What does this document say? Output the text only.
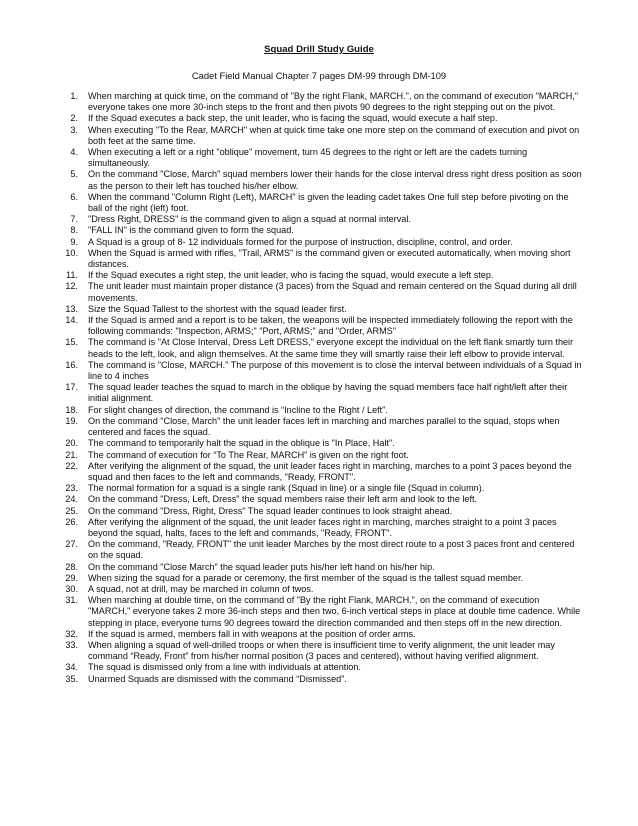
Squad Drill Study Guide
Cadet Field Manual Chapter 7 pages DM-99 through DM-109
1. When marching at quick time, on the command of "By the right Flank, MARCH.", on the command of execution "MARCH," everyone takes one more 30-inch steps to the front and then pivots 90 degrees to the right stepping out on the pivot.
2. If the Squad executes a back step, the unit leader, who is facing the squad, would execute a half step.
3. When executing "To the Rear, MARCH" when at quick time take one more step on the command of execution and pivot on both feet at the same time.
4. When executing a left or a right "oblique" movement, turn 45 degrees to the right or left are the cadets turning simultaneously.
5. On the command "Close, March" squad members lower their hands for the close interval dress right dress position as soon as the person to their left has touched his/her elbow.
6. When the command "Column Right (Left), MARCH" is given the leading cadet takes One full step before pivoting on the ball of the right (left) foot.
7. "Dress Right, DRESS" is the command given to align a squad at normal interval.
8. "FALL IN" is the command given to form the squad.
9. A Squad is a group of 8- 12 individuals formed for the purpose of instruction, discipline, control, and order.
10. When the Squad is armed with rifles, "Trail, ARMS" is the command given or executed automatically, when moving short distances.
11. If the Squad executes a right step, the unit leader, who is facing the squad, would execute a left step.
12. The unit leader must maintain proper distance (3 paces) from the Squad and remain centered on the Squad during all drill movements.
13. Size the Squad Tallest to the shortest with the squad leader first.
14. If the Squad is armed and a report is to be taken, the weapons will be inspected immediately following the report with the following commands: "Inspection, ARMS;" "Port, ARMS;" and "Order, ARMS"
15. The command is "At Close Interval, Dress Left DRESS," everyone except the individual on the left flank smartly turn their heads to the left, look, and align themselves. At the same time they will smartly raise their left elbow to provide interval.
16. The command is "Close, MARCH." The purpose of this movement is to close the interval between individuals of a Squad in line to 4 inches
17. The squad leader teaches the squad to march in the oblique by having the squad members face half right/left after their initial alignment.
18. For slight changes of direction, the command is “Incline to the Right / Left”.
19. On the command "Close, March" the unit leader faces left in marching and marches parallel to the squad, stops when centered and faces the squad.
20. The command to temporarily halt the squad in the oblique is "In Place, Halt".
21. The command of execution for “To The Rear, MARCH” is given on the right foot.
22. After verifying the alignment of the squad, the unit leader faces right in marching, marches to a point 3 paces beyond the squad and then faces to the left and commands, "Ready, FRONT".
23. The normal formation for a squad is a single rank (Squad in line) or a single file (Squad in column).
24. On the command "Dress, Left, Dress" the squad members raise their left arm and look to the left.
25. On the command "Dress, Right, Dress" The squad leader continues to look straight ahead.
26. After verifying the alignment of the squad, the unit leader faces right in marching, marches straight to a point 3 paces beyond the squad, halts, faces to the left and commands, "Ready, FRONT".
27. On the command, "Ready, FRONT" the unit leader Marches by the most direct route to a post 3 paces front and centered on the squad.
28. On the command "Close March" the squad leader puts his/her left hand on his/her hip.
29. When sizing the squad for a parade or ceremony, the first member of the squad is the tallest squad member.
30. A squad, not at drill, may be marched in column of twos.
31. When marching at double time, on the command of "By the right Flank, MARCH.", on the command of execution "MARCH," everyone takes 2 more 36-inch steps and then two, 6-inch vertical steps in place at double time cadence. While stepping in place, everyone turns 90 degrees toward the direction commanded and then steps off in the new direction.
32. If the squad is armed, members fall in with weapons at the position of order arms.
33. When aligning a squad of well-drilled troops or when there is insufficient time to verify alignment, the unit leader may command “Ready, Front” from his/her normal position (3 paces and centered), without having verified alignment.
34. The squad is dismissed only from a line with individuals at attention.
35. Unarmed Squads are dismissed with the command “Dismissed”.
